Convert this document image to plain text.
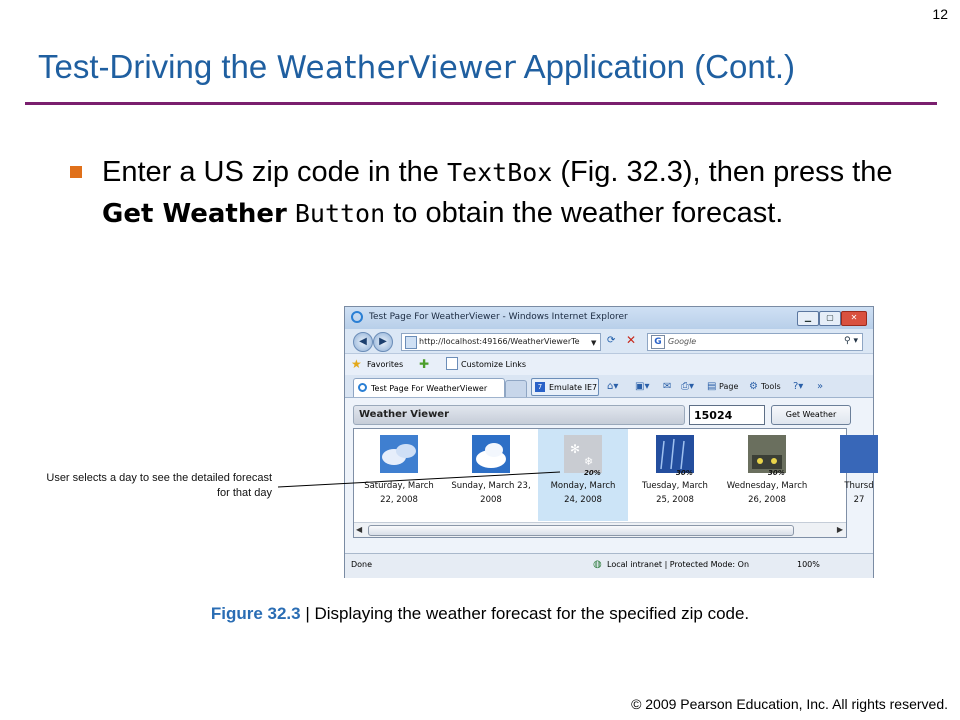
12
Test-Driving the WeatherViewer Application (Cont.)
Enter a US zip code in the TextBox (Fig. 32.3), then press the Get Weather Button to obtain the weather forecast.
Test Page For WeatherViewer - Windows Internet Explorer	▁	▢	✕
◀	▶	http://localhost:49166/WeatherViewerTe ▼ ⟳ ✕	G Google	⚲ ▾
★ Favorites ✚	Customize Links
Test Page For WeatherViewer	7 Emulate IE7 ⌂▾ ▣▾ ✉ ⎙▾ ▤ Page ⚙ Tools ?▾ »
Weather Viewer	15024	Get Weather
Saturday, March
22, 2008
Sunday, March 23,
2008
✻
❄
20%
Monday, March
24, 2008
30%
Tuesday, March
25, 2008
30%
Wednesday, March
26, 2008
Thursd
27
◀	▶
Done	◍ Local intranet | Protected Mode: On	100%
User selects a day to see the detailed forecast for that day
Figure 32.3 | Displaying the weather forecast for the specified zip code.
© 2009 Pearson Education, Inc. All rights reserved.
